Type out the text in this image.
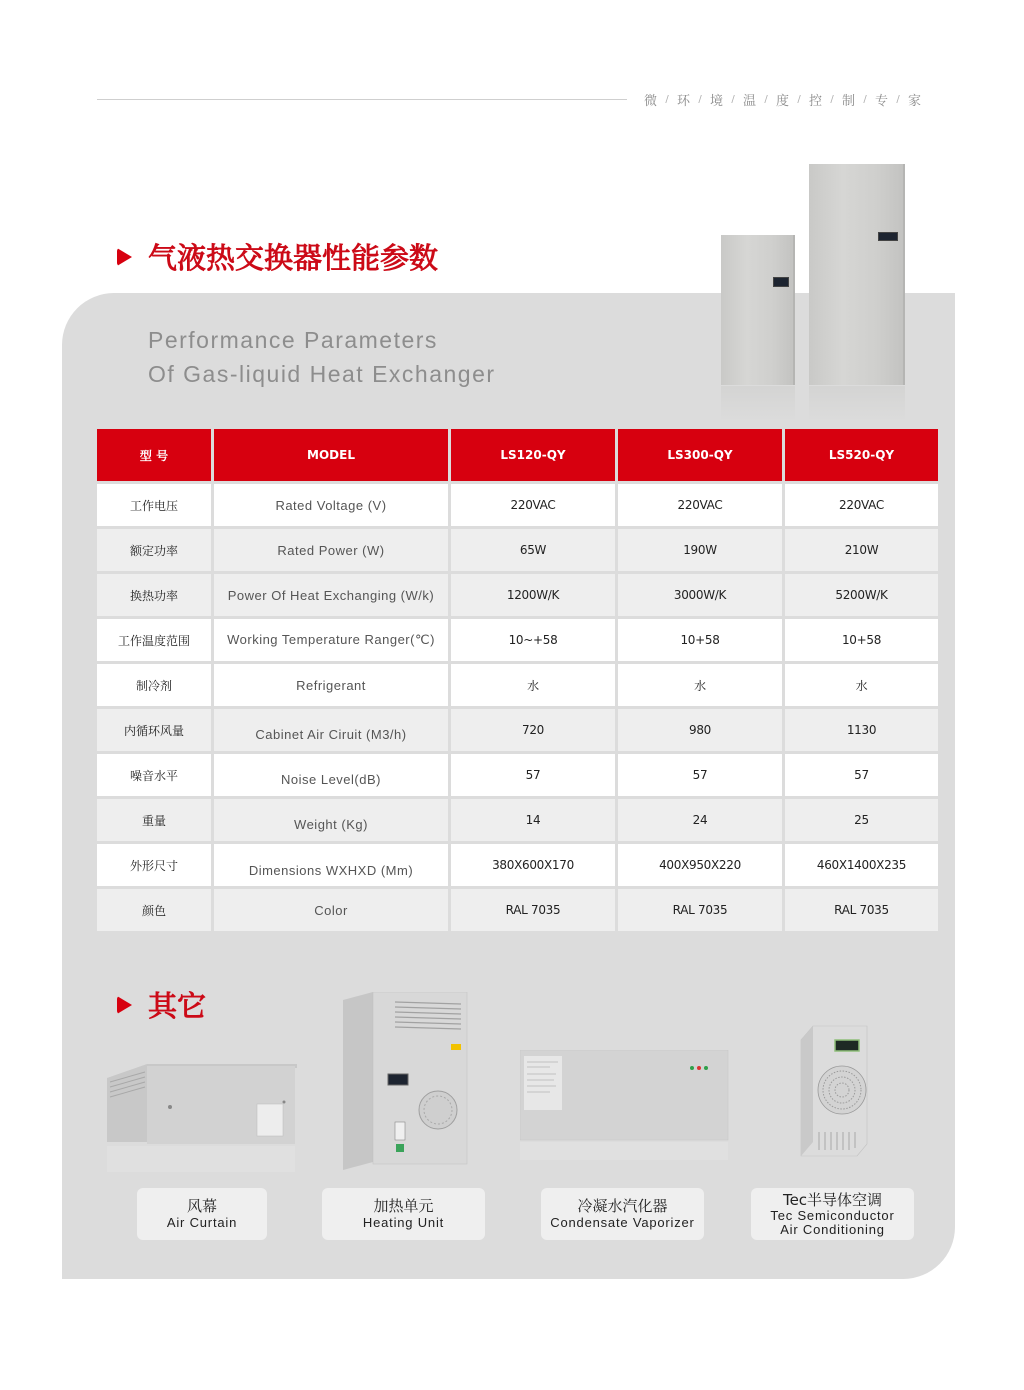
微 / 环 / 境 / 温 / 度 / 控 / 制 / 专 / 家
气液热交换器性能参数
Performance Parameters
Of Gas-liquid Heat Exchanger
型 号	MODEL	LS120-QY	LS300-QY	LS520-QY
工作电压	Rated Voltage (V)	220VAC	220VAC	220VAC
额定功率	Rated Power (W)	65W	190W	210W
换热功率	Power Of Heat Exchanging (W/k)	1200W/K	3000W/K	5200W/K
工作温度范围	Working Temperature Ranger(℃)	10~+58	10+58	10+58
制冷剂	Refrigerant	水	水	水
内循环风量	Cabinet Air Ciruit (M3/h)	720	980	1130
噪音水平	Noise Level(dB)	57	57	57
重量	Weight (Kg)	14	24	25
外形尺寸	Dimensions WXHXD (Mm)	380X600X170	400X950X220	460X1400X235
颜色	Color	RAL 7035	RAL 7035	RAL 7035
其它
风幕
Air Curtain
加热单元
Heating Unit
冷凝水汽化器
Condensate Vaporizer
Tec半导体空调
Tec Semiconductor
Air Conditioning
